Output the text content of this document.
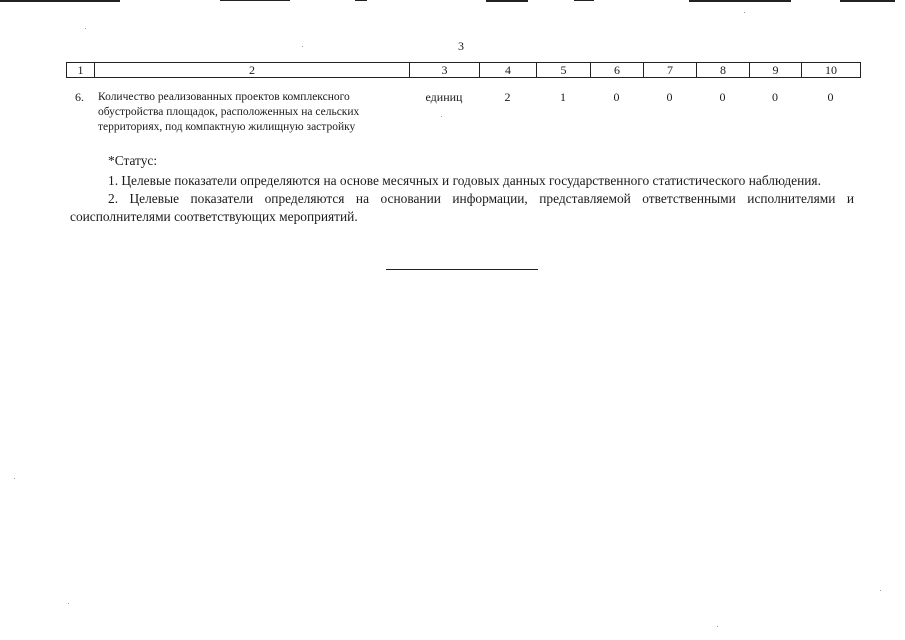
3
1	2	3	4	5	6	7	8	9	10
6.	Количество реализованных проектов комплексного
обустройства площадок, расположенных на сельских
территориях, под компактную жилищную застройку
единиц	2	1	0	0	0	0	0

*Статус:

1. Целевые показатели определяются на основе месячных и годовых данных государственного статистического наблюдения.

2. Целевые показатели определяются на основании информации, представляемой ответственными исполнителями и соисполнителями соответствующих мероприятий.
